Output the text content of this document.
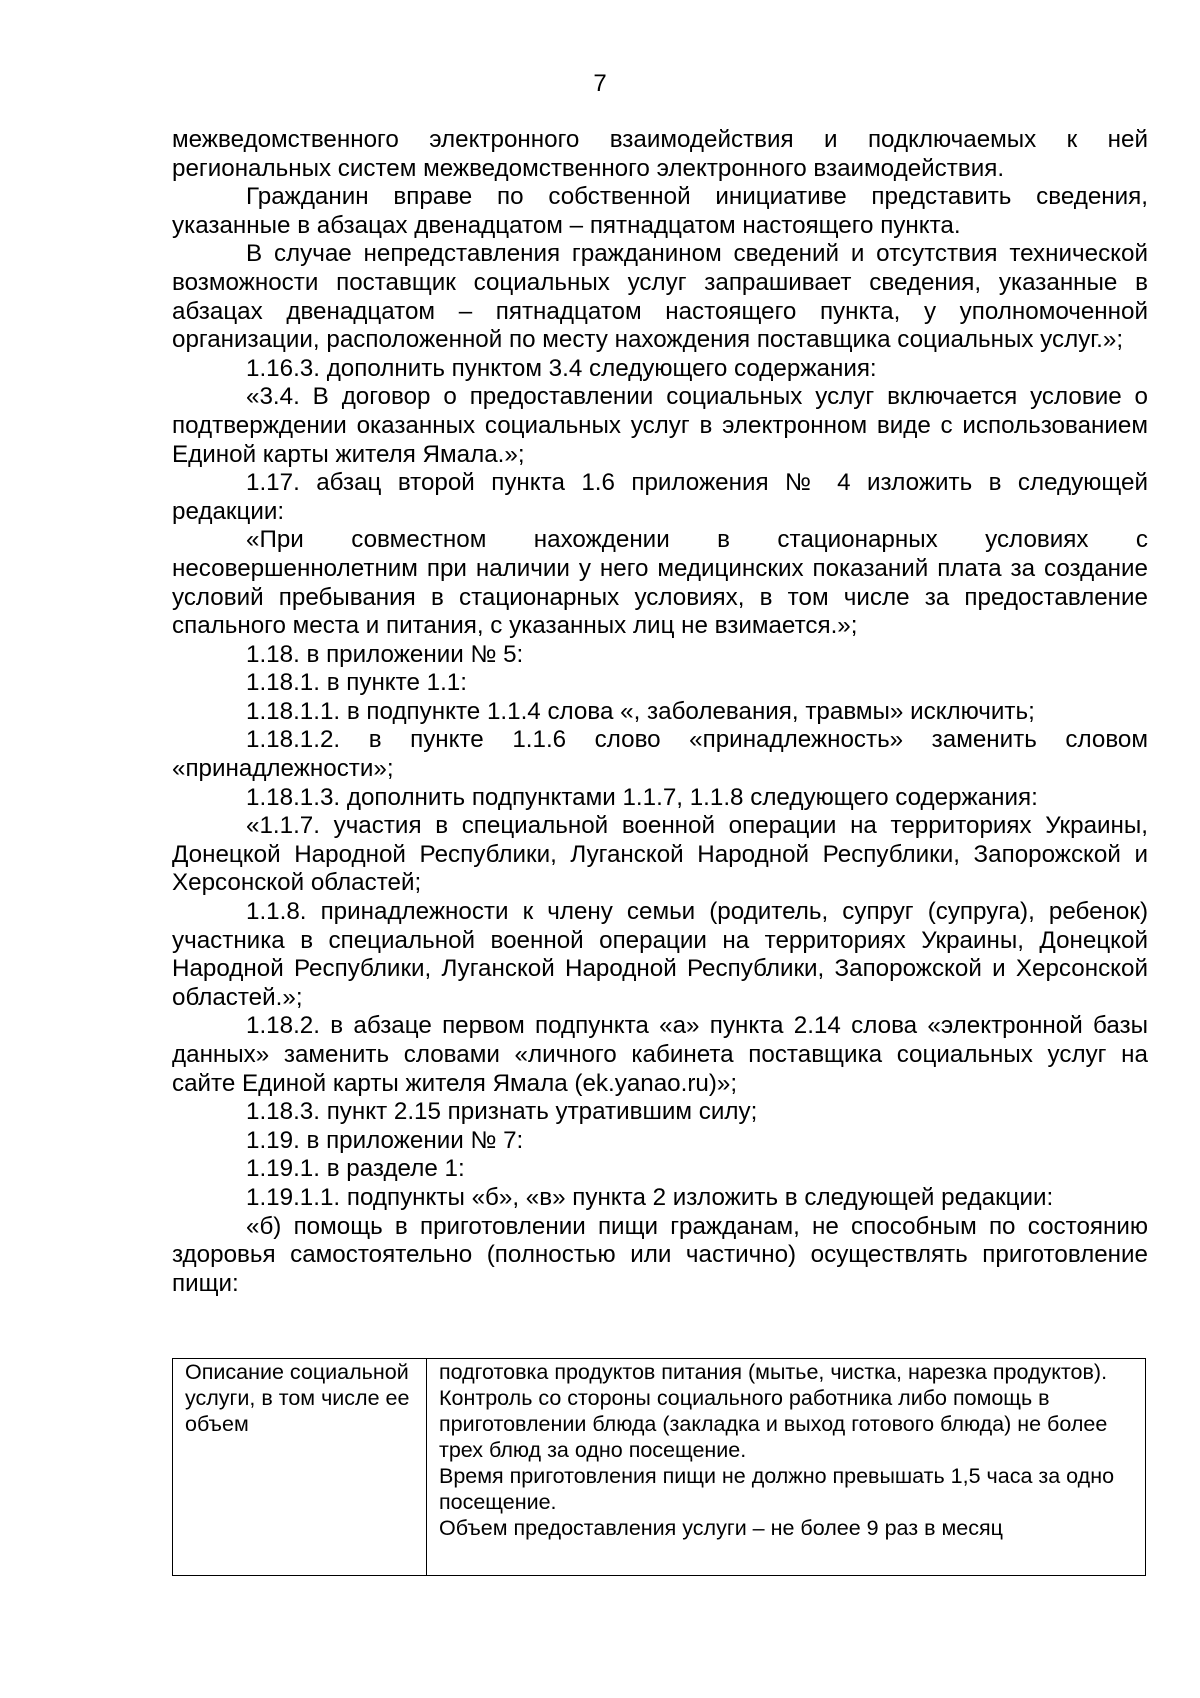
7

межведомственного электронного взаимодействия и подключаемых к ней региональных систем межведомственного электронного взаимодействия.

Гражданин вправе по собственной инициативе представить сведения, указанные в абзацах двенадцатом – пятнадцатом настоящего пункта.

В случае непредставления гражданином сведений и отсутствия технической возможности поставщик социальных услуг запрашивает сведения, указанные в абзацах двенадцатом – пятнадцатом настоящего пункта, у уполномоченной организации, расположенной по месту нахождения поставщика социальных услуг.»;

1.16.3. дополнить пунктом 3.4 следующего содержания:

«3.4. В договор о предоставлении социальных услуг включается условие о подтверждении оказанных социальных услуг в электронном виде с использованием Единой карты жителя Ямала.»;

1.17. абзац второй пункта 1.6 приложения № 4 изложить в следующей редакции:

«При совместном нахождении в стационарных условиях с несовершеннолетним при наличии у него медицинских показаний плата за создание условий пребывания в стационарных условиях, в том числе за предоставление спального места и питания, с указанных лиц не взимается.»;

1.18. в приложении № 5:

1.18.1. в пункте 1.1:

1.18.1.1. в подпункте 1.1.4 слова «, заболевания, травмы» исключить;

1.18.1.2. в пункте 1.1.6 слово «принадлежность» заменить словом «принадлежности»;

1.18.1.3. дополнить подпунктами 1.1.7, 1.1.8 следующего содержания:

«1.1.7. участия в специальной военной операции на территориях Украины, Донецкой Народной Республики, Луганской Народной Республики, Запорожской и Херсонской областей;

1.1.8. принадлежности к члену семьи (родитель, супруг (супруга), ребенок) участника в специальной военной операции на территориях Украины, Донецкой Народной Республики, Луганской Народной Республики, Запорожской и Херсонской областей.»;

1.18.2. в абзаце первом подпункта «а» пункта 2.14 слова «электронной базы данных» заменить словами «личного кабинета поставщика социальных услуг на сайте Единой карты жителя Ямала (ek.yanao.ru)»;

1.18.3. пункт 2.15 признать утратившим силу;

1.19. в приложении № 7:

1.19.1. в разделе 1:

1.19.1.1. подпункты «б», «в» пункта 2 изложить в следующей редакции:

«б) помощь в приготовлении пищи гражданам, не способным по состоянию здоровья самостоятельно (полностью или частично) осуществлять приготовление пищи:

Описание социальной услуги, в том числе ее объем
подготовка продуктов питания (мытье, чистка, нарезка продуктов).
Контроль со стороны социального работника либо помощь в приготовлении блюда (закладка и выход готового блюда) не более трех блюд за одно посещение.
Время приготовления пищи не должно превышать 1,5 часа за одно посещение.
Объем предоставления услуги – не более 9 раз в месяц
